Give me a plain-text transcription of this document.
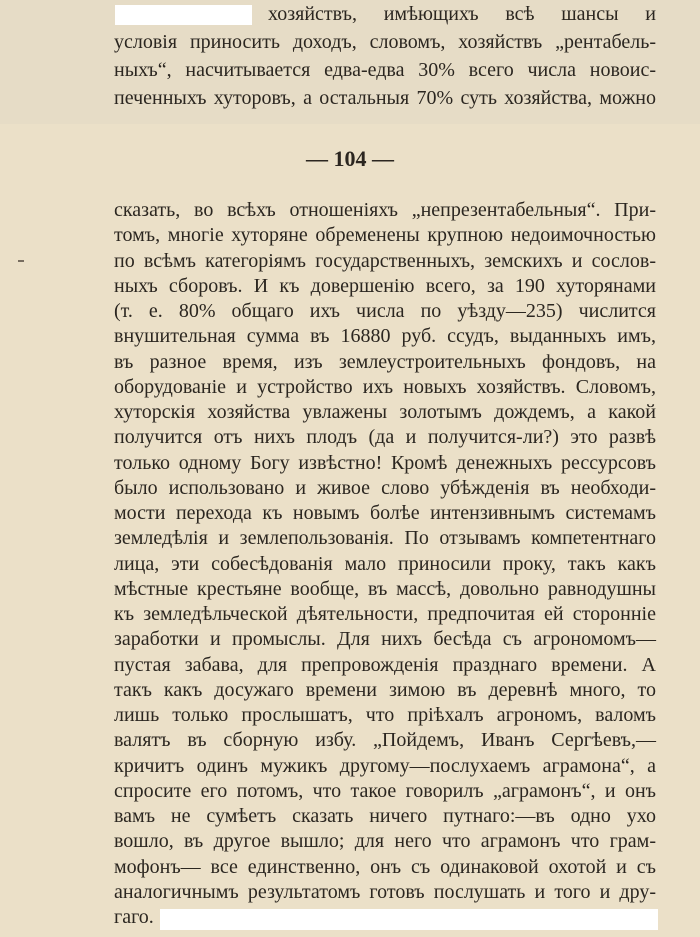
хозяйствъ, имѣющихъ всѣ шансы и
условія приносить доходъ, словомъ, хозяйствъ „рентабель-
ныхъ“, насчитывается едва-едва 30% всего числа новоис-
печенныхъ хуторовъ, а остальныя 70% суть хозяйства, можно
— 104 —
сказать, во всѣхъ отношеніяхъ „непрезентабельныя“. При-
томъ, многіе хуторяне обременены крупною недоимочностью
по всѣмъ категоріямъ государственныхъ, земскихъ и сослов-
ныхъ сборовъ. И къ довершенію всего, за 190 хуторянами
(т. е. 80% общаго ихъ числа по уѣзду—235) числится
внушительная сумма въ 16880 руб. ссудъ, выданныхъ имъ,
въ разное время, изъ землеустроительныхъ фондовъ, на
оборудованіе и устройство ихъ новыхъ хозяйствъ. Словомъ,
хуторскія хозяйства увлажены золотымъ дождемъ, а какой
получится отъ нихъ плодъ (да и получится-ли?) это развѣ
только одному Богу извѣстно! Кромѣ денежныхъ рессурсовъ
было использовано и живое слово убѣжденія въ необходи-
мости перехода къ новымъ болѣе интензивнымъ системамъ
земледѣлія и землепользованія. По отзывамъ компетентнаго
лица, эти собесѣдованія мало приносили проку, такъ какъ
мѣстные крестьяне вообще, въ массѣ, довольно равнодушны
къ земледѣльческой дѣятельности, предпочитая ей сторонніе
заработки и промыслы. Для нихъ бесѣда съ агрономомъ—
пустая забава, для препровожденія празднаго времени. А
такъ какъ досужаго времени зимою въ деревнѣ много, то
лишь только прослышатъ, что пріѣхалъ агрономъ, валомъ
валятъ въ сборную избу. „Пойдемъ, Иванъ Сергѣевъ,—
кричитъ одинъ мужикъ другому—послухаемъ аграмона“, а
спросите его потомъ, что такое говорилъ „аграмонъ“, и онъ
вамъ не сумѣетъ сказать ничего путнаго:—въ одно ухо
вошло, въ другое вышло; для него что аграмонъ что грам-
мофонъ— все единственно, онъ съ одинаковой охотой и съ
аналогичнымъ результатомъ готовъ послушать и того и дру-
гаго.
